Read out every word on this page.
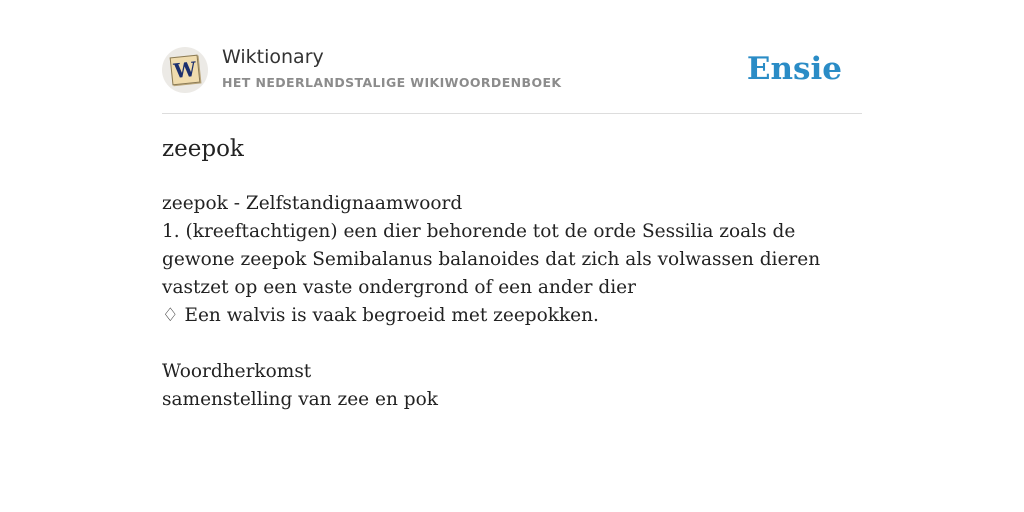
W Wiktionary
HET NEDERLANDSTALIGE WIKIWOORDENBOEK	Ensie
zeepok

zeepok - Zelfstandignaamwoord

1. (kreeftachtigen) een dier behorende tot de orde Sessilia zoals de gewone zeepok Semibalanus balanoides dat zich als volwassen dieren vastzet op een vaste ondergrond of een ander dier

♢ Een walvis is vaak begroeid met zeepokken.

Woordherkomst

samenstelling van zee en pok
